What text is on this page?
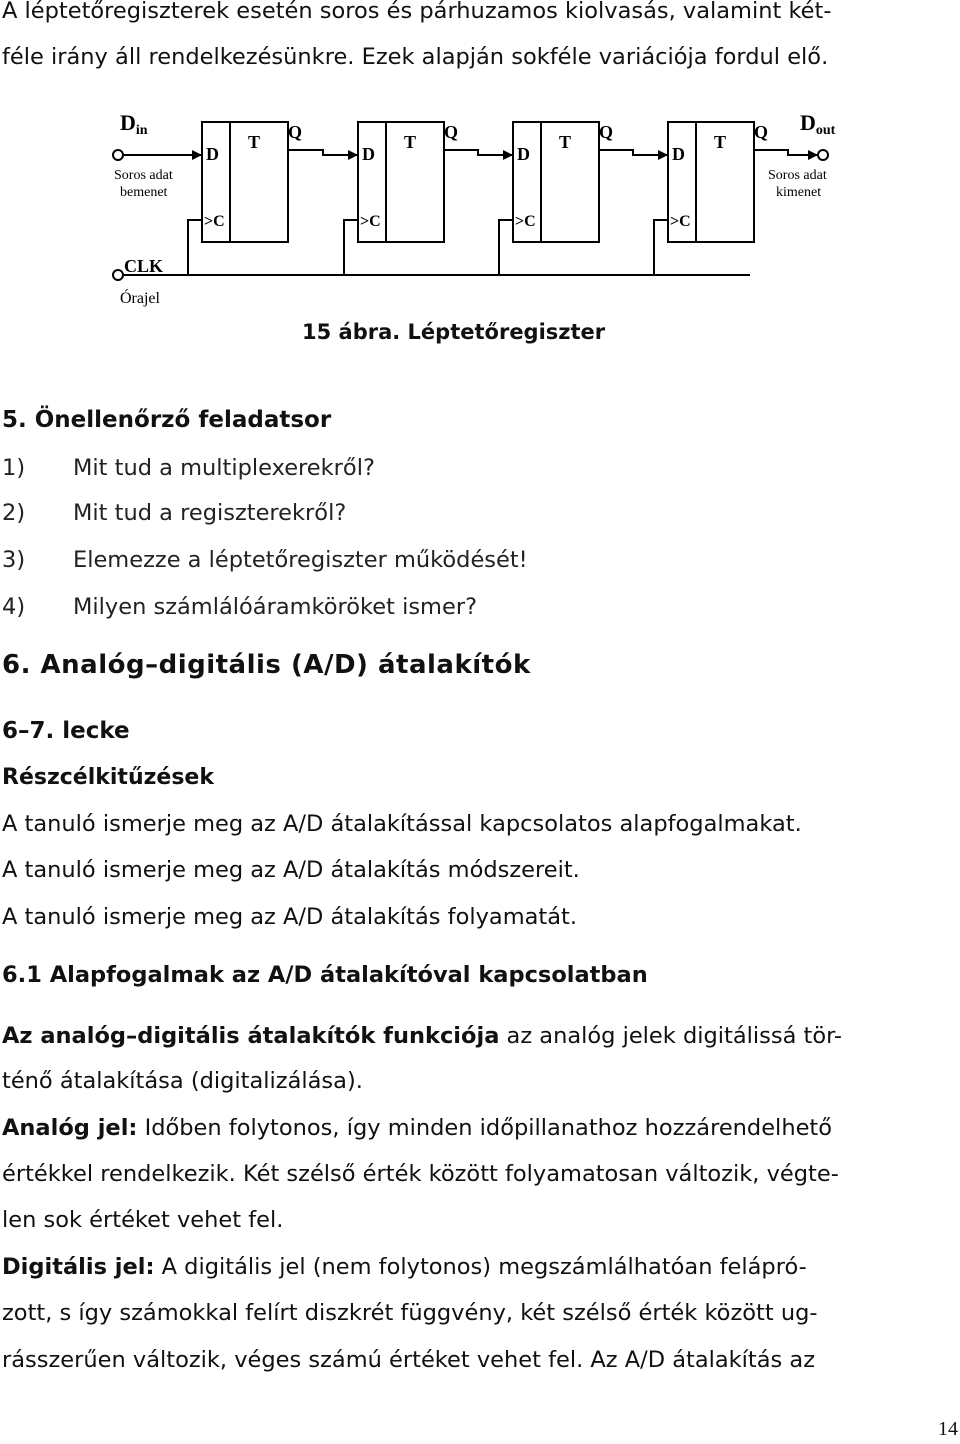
A léptetőregiszterek esetén soros és párhuzamos kiolvasás, valamint két-
féle irány áll rendelkezésünkre. Ezek alapján sokféle variációja fordul elő.
Din
Soros adat
bemenet
Dout
Soros adat
kimenet
CLK
Órajel
D
T Q
>C
D
T Q
>C
D
T Q
>C
D
T Q
>C
15 ábra. Léptetőregiszter
5. Önellenőrző feladatsor
1) Mit tud a multiplexerekről?
2) Mit tud a regiszterekről?
3) Elemezze a léptetőregiszter működését!
4) Milyen számlálóáramköröket ismer?
6. Analóg–digitális (A/D) átalakítók
6–7. lecke
Részcélkitűzések
A tanuló ismerje meg az A/D átalakítással kapcsolatos alapfogalmakat.
A tanuló ismerje meg az A/D átalakítás módszereit.
A tanuló ismerje meg az A/D átalakítás folyamatát.
6.1 Alapfogalmak az A/D átalakítóval kapcsolatban
Az analóg–digitális átalakítók funkciója az analóg jelek digitálissá tör-
ténő átalakítása (digitalizálása).
Analóg jel: Időben folytonos, így minden időpillanathoz hozzárendelhető
értékkel rendelkezik. Két szélső érték között folyamatosan változik, végte-
len sok értéket vehet fel.
Digitális jel: A digitális jel (nem folytonos) megszámlálhatóan felápró-
zott, s így számokkal felírt diszkrét függvény, két szélső érték között ug-
rásszerűen változik, véges számú értéket vehet fel. Az A/D átalakítás az
14
